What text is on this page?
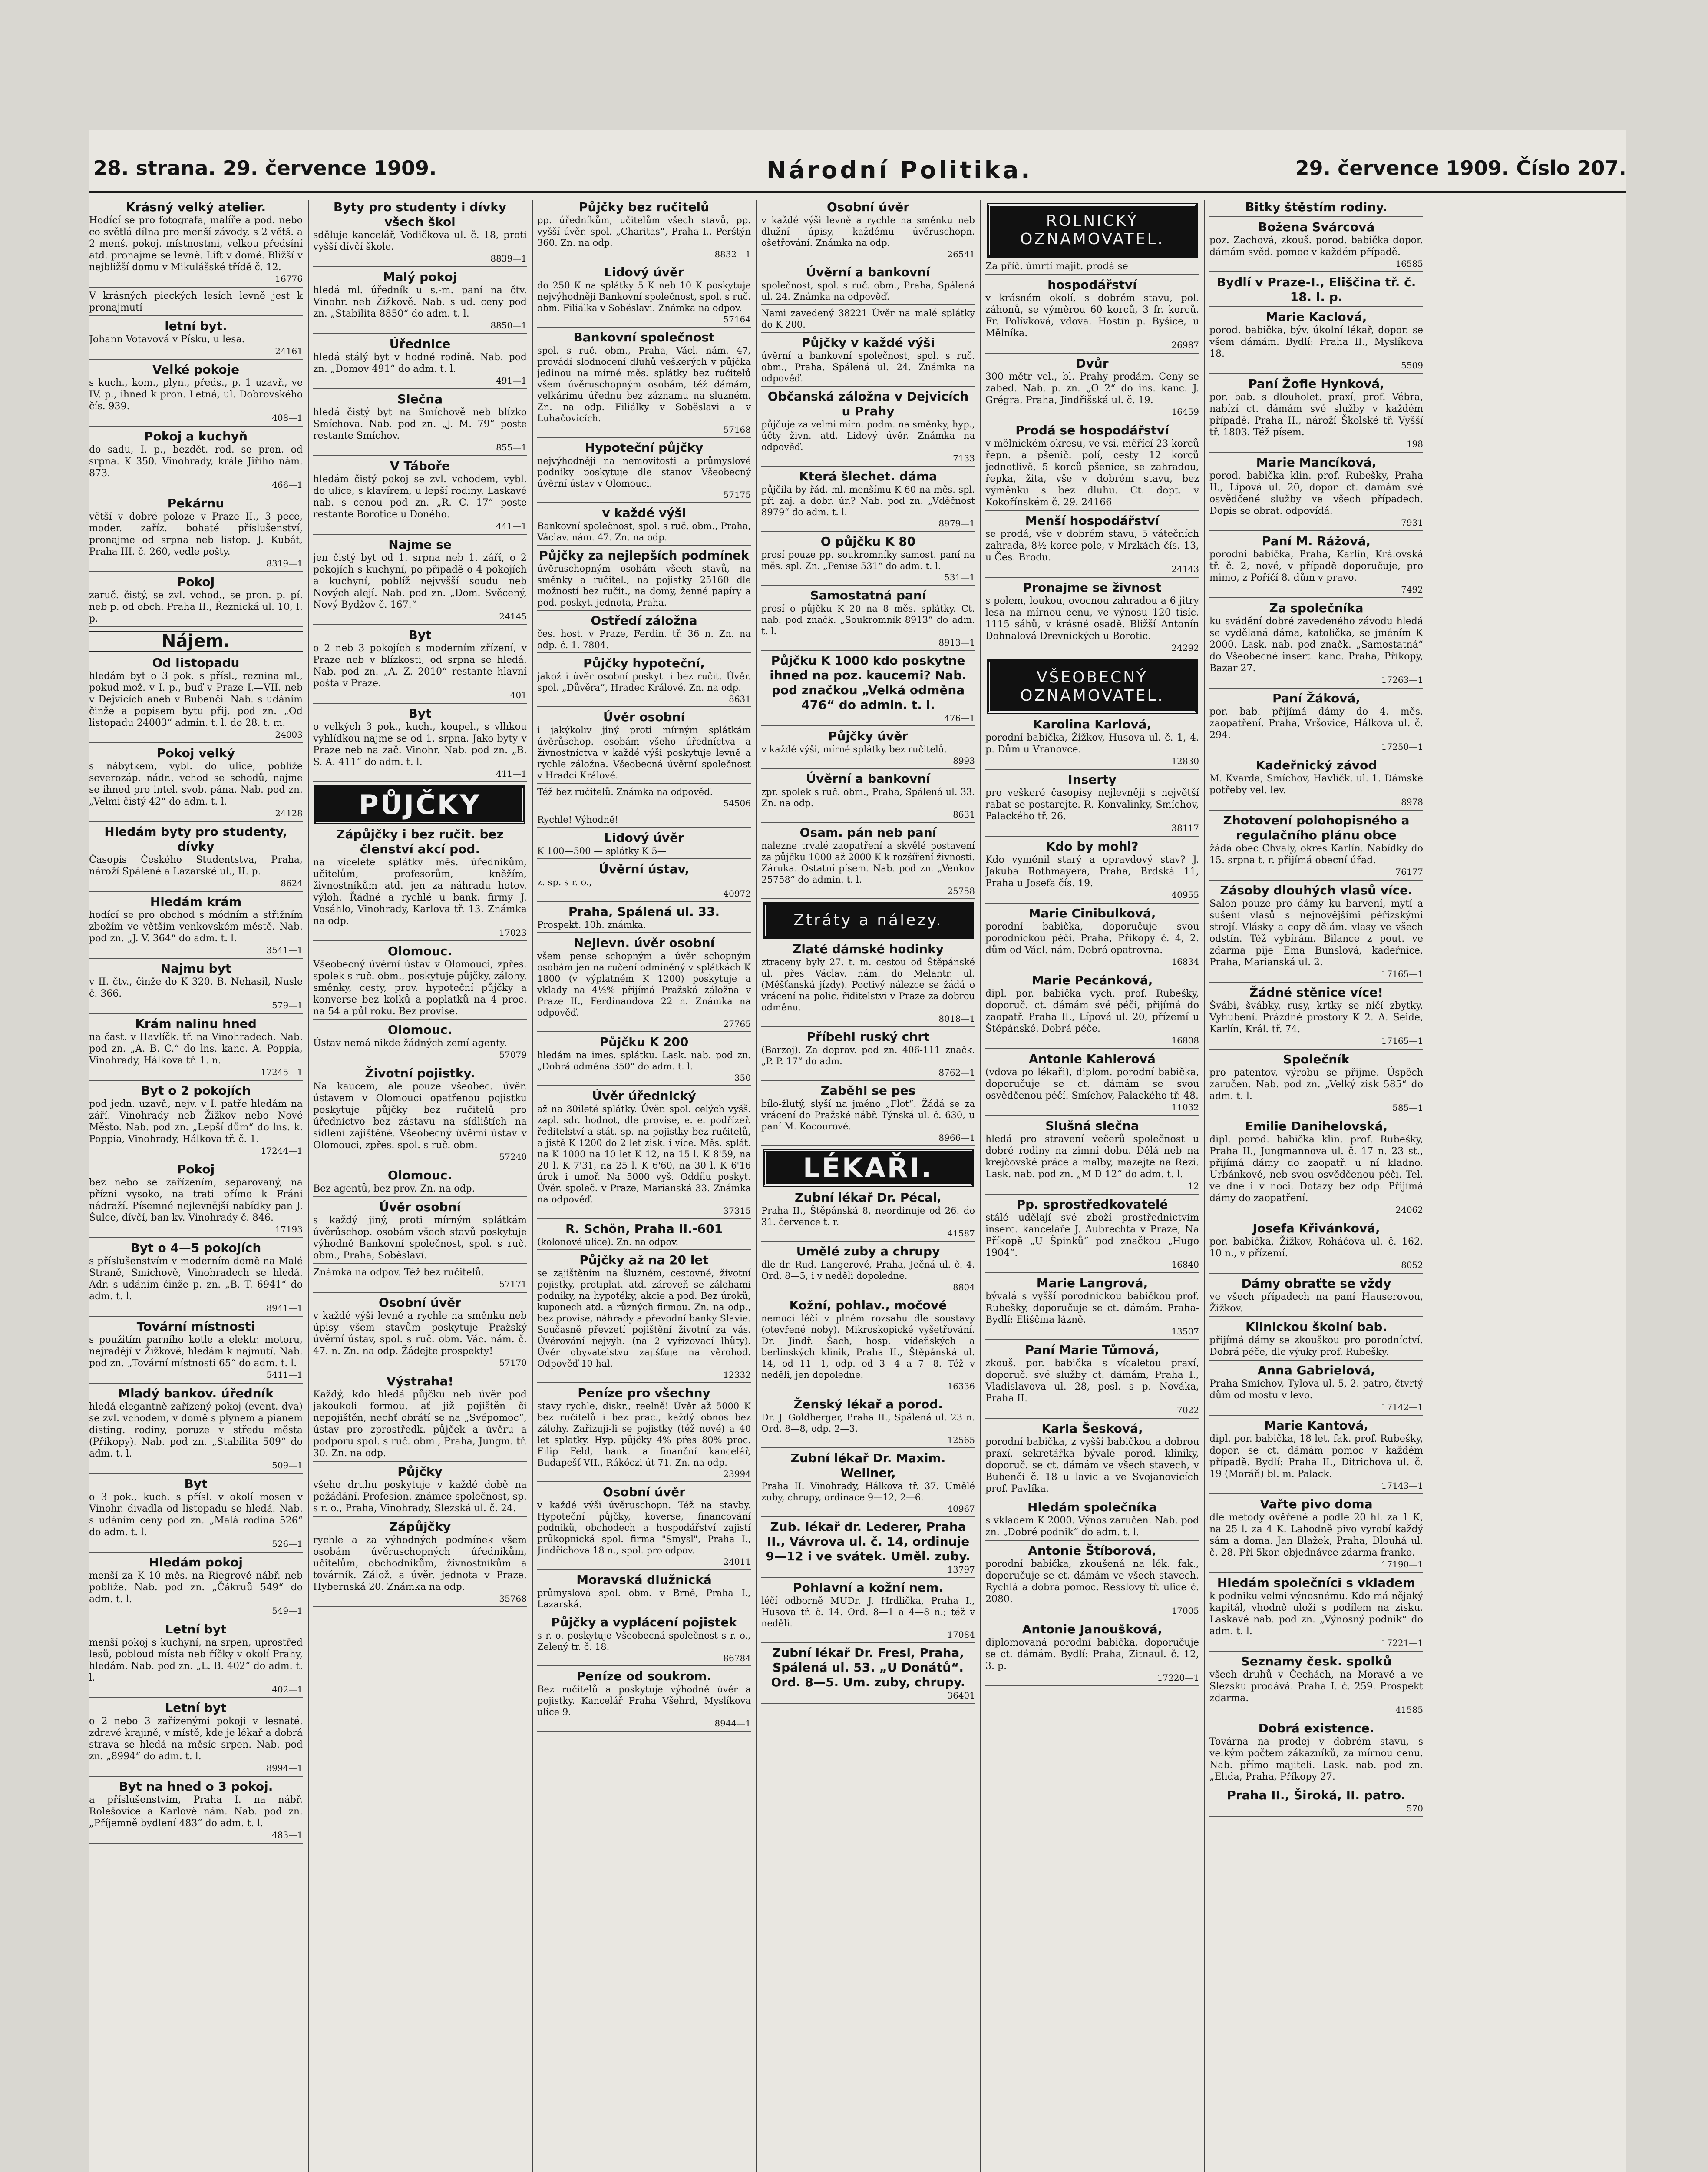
28. strana. 29. července 1909.	Národní Politika.	29. července 1909. Číslo 207.
Krásný velký atelier.
Hodící se pro fotografa, malíře a pod. nebo co světlá dílna pro menší závody, s 2 větš. a 2 menš. pokoj. místnostmi, velkou předsíní atd. pronajme se levně. Lift v domě. Bližší v nejbližší domu v Mikulášské třídě č. 12.
16776
V krásných pieckých lesích levně jest k pronajmutí
letní byt.
Johann Votavová v Písku, u lesa.
24161
Velké pokoje
s kuch., kom., plyn., předs., p. 1 uzavř., ve IV. p., ihned k pron. Letná, ul. Dobrovského čís. 939.
408—1
Pokoj a kuchyň
do sadu, I. p., bezdět. rod. se pron. od srpna. K 350. Vinohrady, krále Jiřího nám. 873.
466—1
Pekárnu
větší v dobré poloze v Praze II., 3 pece, moder. zaříz. bohaté příslušenství, pronajme od srpna neb listop. J. Kubát, Praha III. č. 260, vedle pošty.
8319—1
Pokoj
zaruč. čistý, se zvl. vchod., se pron. p. pí. neb p. od obch. Praha II., Řeznická ul. 10, I. p.
Nájem.
Od listopadu
hledám byt o 3 pok. s přísl., reznina ml., pokud mož. v I. p., buď v Praze I.—VII. neb v Dejvicích aneb v Bubenči. Nab. s udáním činže a popisem bytu přij. pod zn. „Od listopadu 24003“ admin. t. l. do 28. t. m.
24003
Pokoj velký
s nábytkem, vybl. do ulice, poblíže severozáp. nádr., vchod se schodů, najme se ihned pro intel. svob. pána. Nab. pod zn. „Velmi čistý 42“ do adm. t. l.
24128
Hledám byty pro studenty, dívky
Časopis Českého Studentstva, Praha, nároží Spálené a Lazarské ul., II. p.
8624
Hledám krám
hodící se pro obchod s módním a střižním zbožím ve větším venkovském městě. Nab. pod zn. „J. V. 364“ do adm. t. l.
3541—1
Najmu byt
v II. čtv., činže do K 320. B. Nehasil, Nusle č. 366.
579—1
Krám nalinu hned
na čast. v Havlíčk. tř. na Vinohradech. Nab. pod zn. „A. B. C.“ do lns. kanc. A. Poppia, Vinohrady, Hálkova tř. 1. n.
17245—1
Byt o 2 pokojích
pod jedn. uzavř., nejv. v I. patře hledám na září. Vinohrady neb Žižkov nebo Nové Město. Nab. pod zn. „Lepší dům“ do lns. k. Poppia, Vinohrady, Hálkova tř. č. 1.
17244—1
Pokoj
bez nebo se zařízením, separovaný, na přízni vysoko, na trati přímo k Fráni nádraží. Písemné nejlevnější nabídky pan J. Šulce, dívčí, ban-kv. Vinohrady č. 846.
17193
Byt o 4—5 pokojích
s příslušenstvím v moderním domě na Malé Straně, Smíchově, Vinohradech se hledá. Adr. s udáním činže p. zn. „B. T. 6941“ do adm. t. l.
8941—1
Tovární místnosti
s použitím parního kotle a elektr. motoru, nejradějí v Žižkově, hledám k najmutí. Nab. pod zn. „Tovární místnosti 65“ do adm. t. l.
5411—1
Mladý bankov. úředník
hledá elegantně zařízený pokoj (event. dva) se zvl. vchodem, v domě s plynem a pianem disting. rodiny, poruze v středu města (Příkopy). Nab. pod zn. „Stabilita 509“ do adm. t. l.
509—1
Byt
o 3 pok., kuch. s přísl. v okolí mosen v Vinohr. divadla od listopadu se hledá. Nab. s udáním ceny pod zn. „Malá rodina 526“ do adm. t. l.
526—1
Hledám pokoj
menší za K 10 měs. na Riegrově nábř. neb poblíže. Nab. pod zn. „Čákruů 549“ do adm. t. l.
549—1
Letní byt
menší pokoj s kuchyní, na srpen, uprostřed lesů, pobloud místa neb říčky v okolí Prahy, hledám. Nab. pod zn. „L. B. 402“ do adm. t. l.
402—1
Letní byt
o 2 nebo 3 zařízenými pokoji v lesnaté, zdravé krajině, v místě, kde je lékař a dobrá strava se hledá na měsíc srpen. Nab. pod zn. „8994“ do adm. t. l.
8994—1
Byt na hned o 3 pokoj.
a příslušenstvím, Praha I. na nábř. Rolešovice a Karlově nám. Nab. pod zn. „Příjemně bydlení 483“ do adm. t. l.
483—1
Byty pro studenty i dívky všech škol
sděluje kancelář, Vodičkova ul. č. 18, proti vyšší dívčí škole.
8839—1
Malý pokoj
hledá ml. úředník u s.-m. paní na čtv. Vinohr. neb Žižkově. Nab. s ud. ceny pod zn. „Stabilita 8850“ do adm. t. l.
8850—1
Úřednice
hledá stálý byt v hodné rodině. Nab. pod zn. „Domov 491“ do adm. t. l.
491—1
Slečna
hledá čistý byt na Smíchově neb blízko Smíchova. Nab. pod zn. „J. M. 79“ poste restante Smíchov.
855—1
V Táboře
hledám čistý pokoj se zvl. vchodem, vybl. do ulice, s klavírem, u lepší rodiny. Laskavé nab. s cenou pod zn. „R. C. 17“ poste restante Borotice u Doného.
441—1
Najme se
jen čistý byt od 1. srpna neb 1. září, o 2 pokojích s kuchyní, po případě o 4 pokojích a kuchyní, poblíž nejvyšší soudu neb Nových alejí. Nab. pod zn. „Dom. Svěcený, Nový Bydžov č. 167.“
24145
Byt
o 2 neb 3 pokojích s moderním zřízení, v Praze neb v blízkosti, od srpna se hledá. Nab. pod zn. „A. Z. 2010“ restante hlavní pošta v Praze.
401
Byt
o velkých 3 pok., kuch., koupel., s vlhkou vyhlídkou najme se od 1. srpna. Jako byty v Praze neb na zač. Vinohr. Nab. pod zn. „B. S. A. 411“ do adm. t. l.
411—1
PŮJČKY
Zápůjčky i bez ručit. bez členství akcí pod.
na vícelete splátky měs. úředníkům, učitelům, profesorům, kněžím, živnostníkům atd. jen za náhradu hotov. výloh. Řádné a rychlé u bank. firmy J. Vosáhlo, Vinohrady, Karlova tř. 13. Známka na odp.
17023
Olomouc.
Všeobecný úvěrní ústav v Olomouci, zpřes. spolek s ruč. obm., poskytuje půjčky, zálohy, směnky, cesty, prov. hypoteční půjčky a konverse bez kolků a poplatků na 4 proc. na 54 a půl roku. Bez provise.
Olomouc.
Ústav nemá nikde žádných zemí agenty.
57079
Životní pojistky.
Na kaucem, ale pouze všeobec. úvěr. ústavem v Olomouci opatřenou pojistku poskytuje půjčky bez ručitelů pro úředníctvo bez zástavu na sídlištích na sídlení zajištěné. Všeobecný úvěrní ústav v Olomouci, zpřes. spol. s ruč. obm.
57240
Olomouc.
Bez agentů, bez prov. Zn. na odp.
Úvěr osobní
s každý jiný, proti mírným splátkám úvěrůschop. osobám všech stavů poskytuje výhodně Bankovní společnost, spol. s ruč. obm., Praha, Soběslaví.
Známka na odpov. Též bez ručitelů.
57171
Osobní úvěr
v každé výši levně a rychle na směnku neb úpisy všem stavům poskytuje Pražský úvěrní ústav, spol. s ruč. obm. Vác. nám. č. 47. n. Zn. na odp. Žádejte prospekty!
57170
Výstraha!
Každý, kdo hledá půjčku neb úvěr pod jakoukoli formou, ať již pojištěn či nepojištěn, nechť obrátí se na „Svépomoc“, ústav pro zprostředk. půjček a úvěru a podporu spol. s ruč. obm., Praha, Jungm. tř. 30. Zn. na odp.
Půjčky
všeho druhu poskytuje v každé době na požádání. Profesion. známce společnost, sp. s r. o., Praha, Vinohrady, Slezská ul. č. 24.
Zápůjčky
rychle a za výhodných podmínek všem osobám úvěruschopných úředníkům, učitelům, obchodníkům, živnostníkům a továrník. Zálož. a úvěr. jednota v Praze, Hybernská 20. Známka na odp.
35768
Půjčky bez ručitelů
pp. úředníkům, učitelům všech stavů, pp. vyšší úvěr. spol. „Charitas“, Praha I., Perštýn 360. Zn. na odp.
8832—1
Lidový úvěr
do 250 K na splátky 5 K neb 10 K poskytuje nejvýhodněji Bankovní společnost, spol. s ruč. obm. Filiálka v Soběslavi. Známka na odpov.
57164
Bankovní společnost
spol. s ruč. obm., Praha, Václ. nám. 47, provádí slodnocení dluhů veškerých v půjčka jedinou na mírné měs. splátky bez ručitelů všem úvěruschopným osobám, též dámám, velkárimu úřednu bez záznamu na sluzném. Zn. na odp. Filiálky v Soběslavi a v Luhačovicích.
57168
Hypoteční půjčky
nejvýhodněji na nemovitosti a průmyslové podniky poskytuje dle stanov Všeobecný úvěrní ústav v Olomouci.
57175
v každé výši
Bankovní společnost, spol. s ruč. obm., Praha, Václav. nám. 47. Zn. na odp.
Půjčky za nejlepších podmínek
úvěruschopným osobám všech stavů, na směnky a ručitel., na pojistky 25160 dle možností bez ručit., na domy, ženné papíry a pod. poskyt. jednota, Praha.
Ostředí záložna
čes. host. v Praze, Ferdin. tř. 36 n. Zn. na odp. č. 1. 7804.
Půjčky hypoteční,
jakož i úvěr osobní poskyt. i bez ručit. Úvěr. spol. „Důvěra“, Hradec Králové. Zn. na odp.
8631
Úvěr osobní
i jakýkoliv jiný proti mírným splátkám úvěrůschop. osobám všeho úředníctva a živnostníctva v každé výši poskytuje levně a rychle záložna. Všeobecná úvěrní společnost v Hradci Králové.
Též bez ručitelů. Známka na odpověď.
54506
Rychle! Výhodně!
Lidový úvěr
K 100—500 — splátky K 5—
Úvěrní ústav,
z. sp. s r. o.,
40972
Praha, Spálená ul. 33.
Prospekt. 10h. známka.
Nejlevn. úvěr osobní
všem pense schopným a úvěr schopným osobám jen na ručení odmíněný v splátkách K 1800 (v výplatném K 1200) poskytuje a vklady na 4½% přijímá Pražská záložna v Praze II., Ferdinandova 22 n. Známka na odpověď.
27765
Půjčku K 200
hledám na imes. splátku. Lask. nab. pod zn. „Dobrá odměna 350“ do adm. t. l.
350
Úvěr úřednický
až na 30ileté splátky. Úvěr. spol. celých vyšš. zapl. sdr. hodnot, dle provise, e. e. podřízeř. ředitelství a stát. sp. na pojistky bez ručitelů, a jistě K 1200 do 2 let zisk. i více. Měs. splát. na K 1000 na 10 let K 12, na 15 l. K 8'59, na 20 l. K 7'31, na 25 l. K 6'60, na 30 l. K 6'16 úrok i umoř. Na 5000 vyš. Oddílu poskyt. Úvěr. společ. v Praze, Marianská 33. Známka na odpověď.
37315
R. Schön, Praha II.-601
(kolonové ulice). Zn. na odpov.
Půjčky až na 20 let
se zajištěním na šluzném, cestovné, životní pojistky, protiplat. atd. zároveň se zálohami podniky, na hypotéky, akcie a pod. Bez úroků, kuponech atd. a různých firmou. Zn. na odp., bez provise, náhrady a převodní banky Slavie. Současně převzetí pojištění životní za vás. Úvěrování nejvýh. (na 2 vyřizovací lhůty). Úvěr obyvatelstvu zajišťuje na věrohod. Odpověď 10 hal.
12332
Peníze pro všechny
stavy rychle, diskr., reelně! Úvěr až 5000 K bez ručitelů i bez prac., každý obnos bez zálohy. Zařizuji-li se pojistky (též nové) a 40 let splatky. Hyp. půjčky 4% přes 80% proc. Filip Feld, bank. a finanční kancelář, Budapešť VII., Rákóczi út 71. Zn. na odp.
23994
Osobní úvěr
v každé výši úvěruschopn. Též na stavby. Hypoteční půjčky, koverse, financování podniků, obchodech a hospodářství zajistí průkopnická spol. firma "Smysl", Praha I., Jindřichova 18 n., spol. pro odpov.
24011
Moravská dlužnická
průmyslová spol. obm. v Brně, Praha I., Lazarská.
Půjčky a vyplácení pojistek
s r. o. poskytuje Všeobecná společnost s r. o., Zelený tr. č. 18.
86784
Peníze od soukrom.
Bez ručitelů a poskytuje výhodně úvěr a pojistky. Kancelář Praha Všehrd, Myslíkova ulice 9.
8944—1
Osobní úvěr
v každé výši levně a rychle na směnku neb dlužní úpisy, každému úvěruschopn. ošetřování. Známka na odp.
26541
Úvěrní a bankovní
společnost, spol. s ruč. obm., Praha, Spálená ul. 24. Známka na odpověď.
Nami zavedený 38221 Úvěr na malé splátky do K 200.
Půjčky v každé výši
úvěrní a bankovní společnost, spol. s ruč. obm., Praha, Spálená ul. 24. Známka na odpověď.
Občanská záložna v Dejvicích u Prahy
půjčuje za velmi mírn. podm. na směnky, hyp., účty živn. atd. Lidový úvěr. Známka na odpověď.
7133
Která šlechet. dáma
půjčila by řád. ml. menšímu K 60 na měs. spl. při zaj. a dobr. úr.? Nab. pod zn. „Vděčnost 8979“ do adm. t. l.
8979—1
O půjčku K 80
prosí pouze pp. soukromníky samost. paní na měs. spl. Zn. „Penise 531“ do adm. t. l.
531—1
Samostatná paní
prosí o půjčku K 20 na 8 měs. splátky. Ct. nab. pod značk. „Soukromník 8913“ do adm. t. l.
8913—1
Půjčku K 1000 kdo poskytne ihned na poz. kaucemi? Nab. pod značkou „Velká odměna 476“ do admin. t. l.
476—1
Půjčky úvěr
v každé výši, mírné splátky bez ručitelů.
8993
Úvěrní a bankovní
zpr. spolek s ruč. obm., Praha, Spálená ul. 33. Zn. na odp.
8631
Osam. pán neb paní
nalezne trvalé zaopatření a skvělé postavení za půjčku 1000 až 2000 K k rozšíření živnosti. Záruka. Ostatní písem. Nab. pod zn. „Venkov 25758“ do admin. t. l.
25758
Ztráty a nálezy.
Zlaté dámské hodinky
ztraceny byly 27. t. m. cestou od Štěpánské ul. přes Václav. nám. do Melantr. ul. (Měšťanská jízdy). Poctivý nálezce se žádá o vrácení na polic. řiditelstvi v Praze za dobrou odměnu.
8018—1
Příbehl ruský chrt
(Barzoj). Za doprav. pod zn. 406-111 značk. „P. P. 17“ do adm.
8762—1
Zaběhl se pes
bílo-žlutý, slyší na jméno „Flot“. Žádá se za vrácení do Pražské nábř. Týnská ul. č. 630, u paní M. Kocourové.
8966—1
LÉKAŘI.
Zubní lékař Dr. Pécal,
Praha II., Štěpánská 8, neordinuje od 26. do 31. července t. r.
41587
Umělé zuby a chrupy
dle dr. Rud. Langerové, Praha, Ječná ul. č. 4. Ord. 8—5, i v neděli dopoledne.
8804
Kožní, pohlav., močové
nemoci léčí v plném rozsahu dle soustavy (otevřené noby). Mikroskopické vyšetřování. Dr. Jindř. Šach, hosp. vídeňských a berlínských klinik, Praha II., Štěpánská ul. 14, od 11—1, odp. od 3—4 a 7—8. Též v neděli, jen dopoledne.
16336
Ženský lékař a porod.
Dr. J. Goldberger, Praha II., Spálená ul. 23 n. Ord. 8—8, odp. 2—3.
12565
Zubní lékař Dr. Maxim. Wellner,
Praha II. Vinohrady, Hálkova tř. 37. Umělé zuby, chrupy, ordinace 9—12, 2—6.
40967
Zub. lékař dr. Lederer, Praha II., Vávrova ul. č. 14, ordinuje 9—12 i ve svátek. Uměl. zuby.
13797
Pohlavní a kožní nem.
léčí odborně MUDr. J. Hrdlička, Praha I., Husova tř. č. 14. Ord. 8—1 a 4—8 n.; též v neděli.
17084
Zubní lékař Dr. Fresl, Praha, Spálená ul. 53. „U Donátů“. Ord. 8—5. Um. zuby, chrupy.
36401
ROLNICKÝ OZNAMOVATEL.
Za příč. úmrtí majit. prodá se
hospodářství
v krásném okolí, s dobrém stavu, pol. záhonů, se výměrou 60 korců, 3 fr. korců. Fr. Polívková, vdova. Hostín p. Byšice, u Mělníka.
26987
Dvůr
300 mětr vel., bl. Prahy prodám. Ceny se zabed. Nab. p. zn. „O 2“ do ins. kanc. J. Grégra, Praha, Jindřišská ul. č. 19.
16459
Prodá se hospodářství
v mělnickém okresu, ve vsi, měřící 23 korců řepn. a pšenič. polí, cesty 12 korců jednotlivě, 5 korců pšenice, se zahradou, řepka, žita, vše v dobrém stavu, bez výměnku s bez dluhu. Ct. dopt. v Kokořínském č. 29. 24166
Menší hospodářství
se prodá, vše v dobrém stavu, 5 vátečních zahrada, 8½ korce pole, v Mrzkách čís. 13, u Čes. Brodu.
24143
Pronajme se živnost
s polem, loukou, ovocnou zahradou a 6 jitry lesa na mírnou cenu, ve výnosu 120 tisíc. 1115 sáhů, v krásné osadě. Bližší Antonín Dohnalová Drevnických u Borotic.
24292
VŠEOBECNÝ OZNAMOVATEL.
Karolina Karlová,
porodní babička, Žižkov, Husova ul. č. 1, 4. p. Dům u Vranovce.
12830
Inserty
pro veškeré časopisy nejlevněji s největší rabat se postarejte. R. Konvalinky, Smíchov, Palackého tř. 26.
38117
Kdo by mohl?
Kdo vyměnil starý a opravdový stav? J. Jakuba Rothmayera, Praha, Brdská 11, Praha u Josefa čís. 19.
40955
Marie Cinibulková,
porodní babička, doporučuje svou porodnickou péči. Praha, Příkopy č. 4, 2. dům od Václ. nám. Dobrá opatrovna.
16834
Marie Pecánková,
dipl. por. babička vych. prof. Rubešky, doporuč. ct. dámám své péči, přijímá do zaopatř. Praha II., Lípová ul. 20, přízemí u Štěpánské. Dobrá péče.
16808
Antonie Kahlerová
(vdova po lékaři), diplom. porodní babička, doporučuje se ct. dámám se svou osvědčenou péčí. Smíchov, Palackého tř. 48.
11032
Slušná slečna
hledá pro stravení večerů společnost u dobré rodiny na zimní dobu. Dělá neb na krejčovské práce a malby, mazejte na Rezi. Lask. nab. pod zn. „M D 12“ do adm. t. l.
12
Pp. sprostředkovatelé
stálé udělají své zboží prostřednictvím inserc. kanceláře J. Aubrechta v Praze, Na Příkopě „U Špinků“ pod značkou „Hugo 1904“.
16840
Marie Langrová,
bývalá s vyšší porodnickou babičkou prof. Rubešky, doporučuje se ct. dámám. Praha-Bydlí: Eliščina lázně.
13507
Paní Marie Tůmová,
zkouš. por. babička s vícaletou praxí, doporuč. své služby ct. dámám, Praha I., Vladislavova ul. 28, posl. s p. Nováka, Praha II.
7022
Karla Šesková,
porodní babička, z vyšší babičkou a dobrou praxí, sekretářka bývalé porod. kliniky, doporuč. se ct. dámám ve všech stavech, v Bubenči č. 18 u lavic a ve Svojanovicích prof. Pavlíka.
Hledám společníka
s vkladem K 2000. Výnos zaručen. Nab. pod zn. „Dobré podnik“ do adm. t. l.
Antonie Štíborová,
porodní babička, zkoušená na lék. fak., doporučuje se ct. dámám ve všech stavech. Rychlá a dobrá pomoc. Resslovy tř. ulice č. 2080.
17005
Antonie Janoušková,
diplomovaná porodní babička, doporučuje se ct. dámám. Bydlí: Praha, Žitnaul. č. 12, 3. p.
17220—1
Bitky štěstím rodiny.
Božena Svárcová
poz. Zachová, zkouš. porod. babička dopor. dámám svěd. pomoc v každém případě.
16585
Bydlí v Praze-I., Eliščina tř. č. 18. I. p.
Marie Kaclová,
porod. babička, býv. úkolní lékař, dopor. se všem dámám. Bydlí: Praha II., Myslíkova 18.
5509
Paní Žofie Hynková,
por. bab. s dlouholet. praxí, prof. Vébra, nabízí ct. dámám své služby v každém případě. Praha II., nároží Školské tř. Vyšší tř. 1803. Též písem.
198
Marie Mancíková,
porod. babička klin. prof. Rubešky, Praha II., Lípová ul. 20, dopor. ct. dámám své osvědčené služby ve všech případech. Dopis se obrat. odpovídá.
7931
Paní M. Rážová,
porodní babička, Praha, Karlín, Královská tř. č. 2, nové, v případě doporučuje, pro mimo, z Poříčí 8. dům v pravo.
7492
Za společníka
ku svádění dobré zavedeného závodu hledá se vydělaná dáma, katolička, se jméním K 2000. Lask. nab. pod značk. „Samostatná“ do Všeobecné insert. kanc. Praha, Příkopy, Bazar 27.
17263—1
Paní Žáková,
por. bab. přijímá dámy do 4. měs. zaopatření. Praha, Vršovice, Hálkova ul. č. 294.
17250—1
Kadeřnický závod
M. Kvarda, Smíchov, Havlíčk. ul. 1. Dámské potřeby vel. lev.
8978
Zhotovení polohopisného a regulačního plánu obce
žádá obec Chvaly, okres Karlín. Nabídky do 15. srpna t. r. přijímá obecní úřad.
76177
Zásoby dlouhých vlasů více.
Salon pouze pro dámy ku barvení, mytí a sušení vlasů s nejnovějšími péřízskými strojí. Vlásky a copy dělám. vlasy ve všech odstín. Též vybírám. Bilance z pout. ve zdarma pije Ema Bunslová, kadeřnice, Praha, Marianská ul. 2.
17165—1
Žádné stěnice více!
Švábi, švábky, rusy, krtky se ničí zbytky. Vyhubení. Prázdné prostory K 2. A. Seide, Karlín, Král. tř. 74.
17165—1
Společník
pro patentov. výrobu se přijme. Úspěch zaručen. Nab. pod zn. „Velký zisk 585“ do adm. t. l.
585—1
Emilie Danihelovská,
dipl. porod. babička klin. prof. Rubešky, Praha II., Jungmannova ul. č. 17 n. 23 st., přijímá dámy do zaopatř. u ní kladno. Urbánkové, neb svou osvědčenou péči. Tel. ve dne i v noci. Dotazy bez odp. Přijímá dámy do zaopatření.
24062
Josefa Křivánková,
por. babička, Žižkov, Roháčova ul. č. 162, 10 n., v přízemí.
8052
Dámy obraťte se vždy
ve všech případech na paní Hauserovou, Žižkov.
Klinickou školní bab.
přijímá dámy se zkouškou pro porodníctví. Dobrá péče, dle výuky prof. Rubešky.
Anna Gabrielová,
Praha-Smíchov, Tylova ul. 5, 2. patro, čtvrtý dům od mostu v levo.
17142—1
Marie Kantová,
dipl. por. babička, 18 let. fak. prof. Rubešky, dopor. se ct. dámám pomoc v každém případě. Bydlí: Praha II., Ditrichova ul. č. 19 (Moráň) bl. m. Palack.
17143—1
Vařte pivo doma
dle metody ověřené a podle 20 hl. za 1 K, na 25 l. za 4 K. Lahodně pivo vyrobí každý sám a doma. Jan Blažek, Praha, Dlouhá ul. č. 28. Při 5kor. objednávce zdarma franko.
17190—1
Hledám společníci s vkladem
k podniku velmi výnosnému. Kdo má nějaký kapitál, vhodně uloží s podílem na zisku. Laskavé nab. pod zn. „Výnosný podnik“ do adm. t. l.
17221—1
Seznamy česk. spolků
všech druhů v Čechách, na Moravě a ve Slezsku prodává. Praha I. č. 259. Prospekt zdarma.
41585
Dobrá existence.
Továrna na prodej v dobrém stavu, s velkým počtem zákazníků, za mírnou cenu. Nab. přímo majiteli. Lask. nab. pod zn. „Elida, Praha, Příkopy 27.
Praha II., Široká, II. patro.
570
